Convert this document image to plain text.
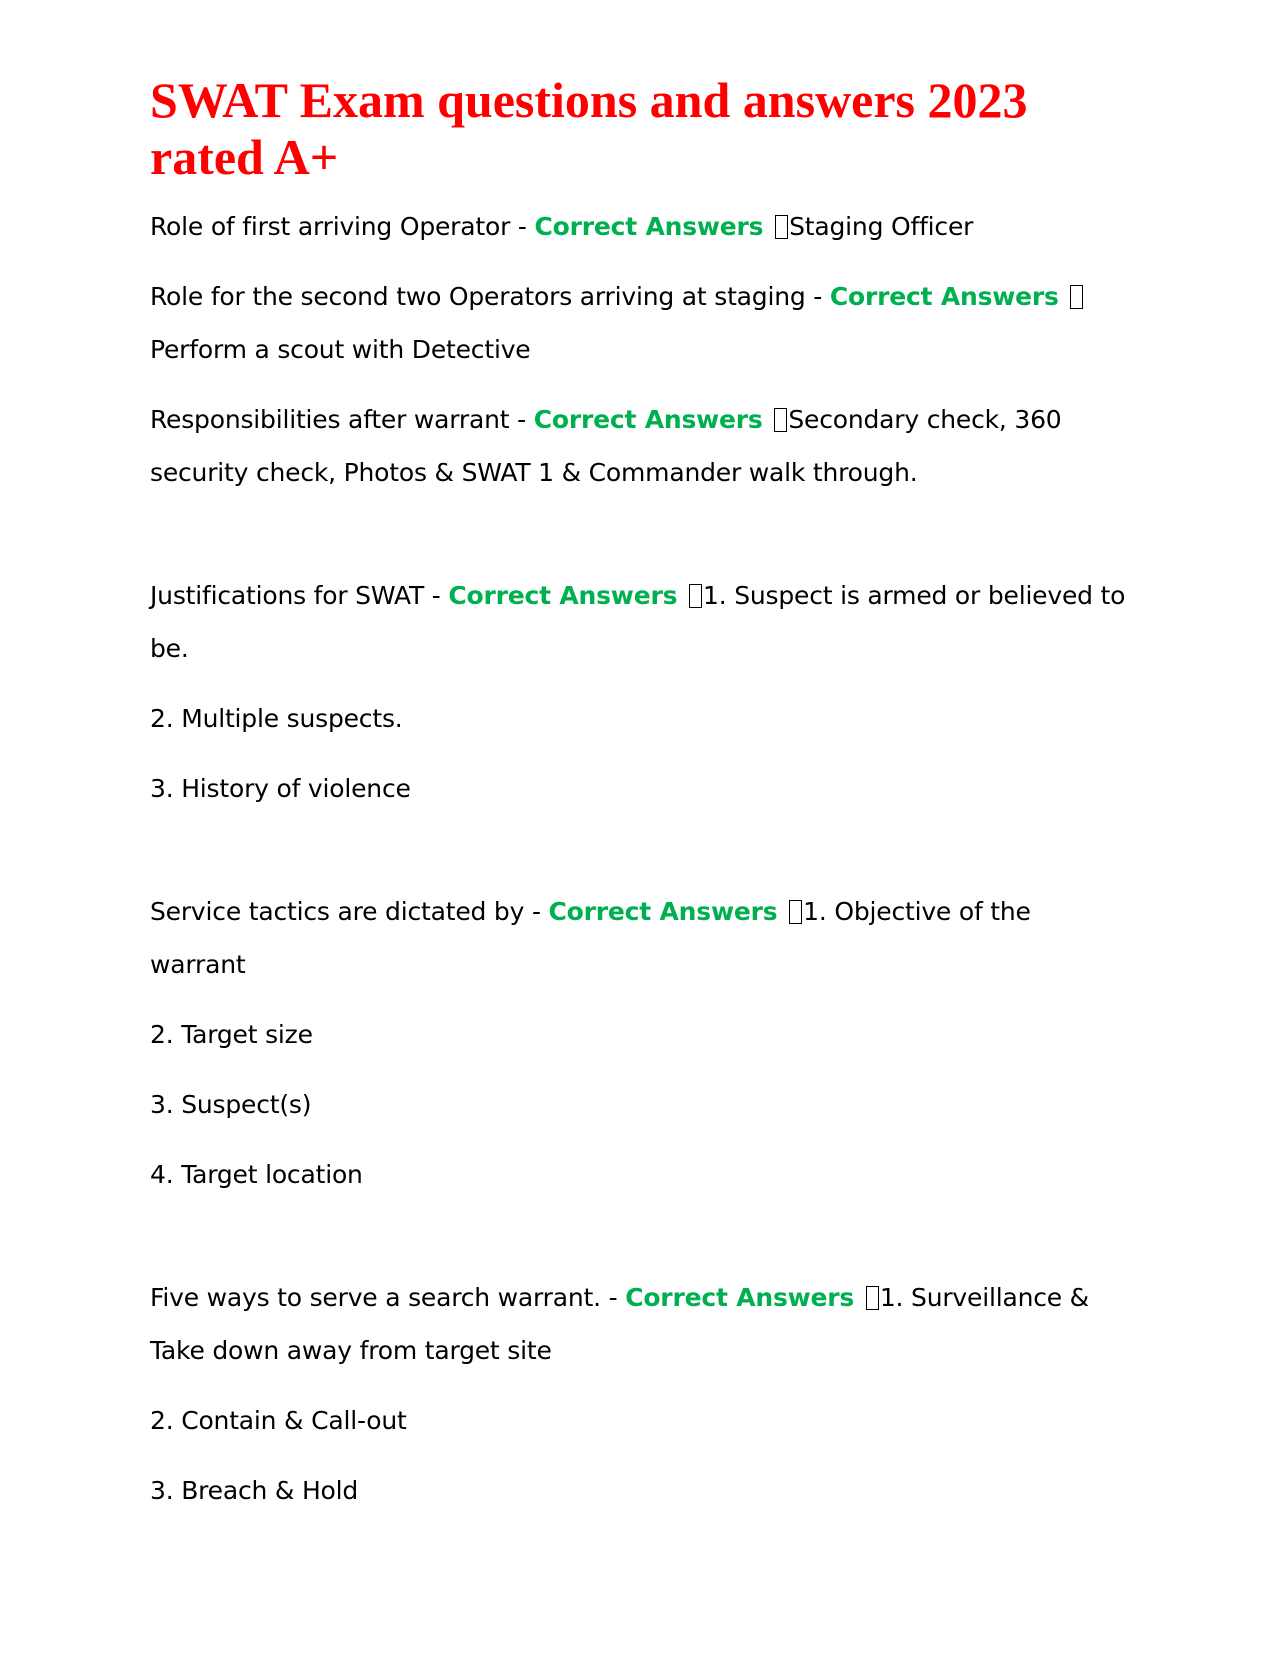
SWAT Exam questions and answers 2023 rated A+

Role of first arriving Operator - Correct Answers Staging Officer

Role for the second two Operators arriving at staging - Correct Answers Perform a scout with Detective

Responsibilities after warrant - Correct Answers Secondary check, 360 security check, Photos & SWAT 1 & Commander walk through.

Justifications for SWAT - Correct Answers 1. Suspect is armed or believed to be.

2. Multiple suspects.

3. History of violence

Service tactics are dictated by - Correct Answers 1. Objective of the warrant

2. Target size

3. Suspect(s)

4. Target location

Five ways to serve a search warrant. - Correct Answers 1. Surveillance & Take down away from target site

2. Contain & Call-out

3. Breach & Hold
